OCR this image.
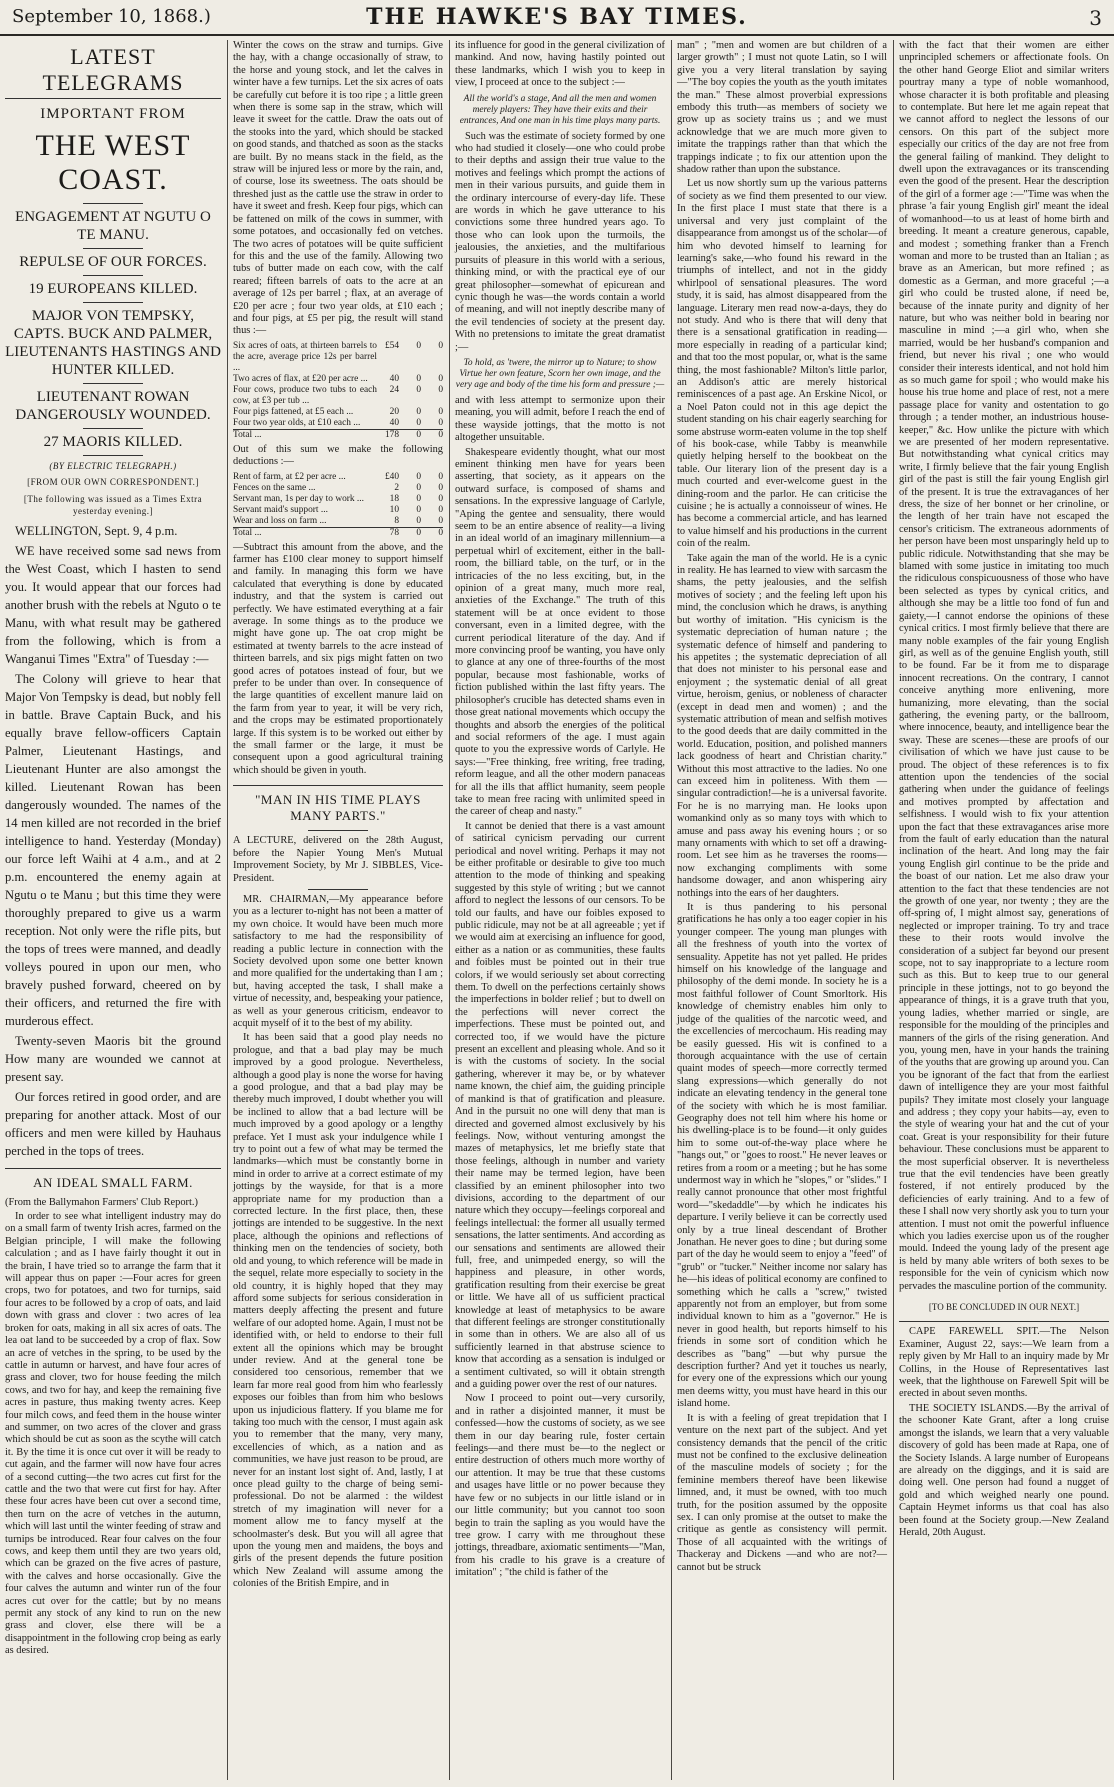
September 10, 1868.)	THE HAWKE'S BAY TIMES.	3
LATEST TELEGRAMS
IMPORTANT FROM
THE WEST COAST.
ENGAGEMENT AT NGUTU O TE MANU.
REPULSE OF OUR FORCES.
19 EUROPEANS KILLED.
MAJOR VON TEMPSKY, CAPTS. BUCK AND PALMER, LIEUTENANTS HASTINGS AND HUNTER KILLED.
LIEUTENANT ROWAN DANGEROUSLY WOUNDED.
27 MAORIS KILLED.
(BY ELECTRIC TELEGRAPH.)
[FROM OUR OWN CORRESPONDENT.]
[The following was issued as a Times Extra yesterday evening.]

WELLINGTON, Sept. 9, 4 p.m.

WE have received some sad news from the West Coast, which I hasten to send you. It would appear that our forces had another brush with the rebels at Nguto o te Manu, with what result may be gathered from the following, which is from a Wanganui Times "Extra" of Tuesday :—

The Colony will grieve to hear that Major Von Tempsky is dead, but nobly fell in battle. Brave Captain Buck, and his equally brave fellow-officers Captain Palmer, Lieutenant Hastings, and Lieutenant Hunter are also amongst the killed. Lieutenant Rowan has been dangerously wounded. The names of the 14 men killed are not recorded in the brief intelligence to hand. Yesterday (Monday) our force left Waihi at 4 a.m., and at 2 p.m. encountered the enemy again at Ngutu o te Manu ; but this time they were thoroughly prepared to give us a warm reception. Not only were the rifle pits, but the tops of trees were manned, and deadly volleys poured in upon our men, who bravely pushed forward, cheered on by their officers, and returned the fire with murderous effect.

Twenty-seven Maoris bit the ground How many are wounded we cannot at present say.

Our forces retired in good order, and are preparing for another attack. Most of our officers and men were killed by Hauhaus perched in the tops of trees.

AN IDEAL SMALL FARM.

(From the Ballymahon Farmers' Club Report.)

In order to see what intelligent industry may do on a small farm of twenty Irish acres, farmed on the Belgian principle, I will make the following calculation ; and as I have fairly thought it out in the brain, I have tried so to arrange the farm that it will appear thus on paper :—Four acres for green crops, two for potatoes, and two for turnips, said four acres to be followed by a crop of oats, and laid down with grass and clover : two acres of lea broken for oats, making in all six acres of oats. The lea oat land to be succeeded by a crop of flax. Sow an acre of vetches in the spring, to be used by the cattle in autumn or harvest, and have four acres of grass and clover, two for house feeding the milch cows, and two for hay, and keep the remaining five acres in pasture, thus making twenty acres. Keep four milch cows, and feed them in the house winter and summer, on two acres of the clover and grass which should be cut as soon as the scythe will catch it. By the time it is once cut over it will be ready to cut again, and the farmer will now have four acres of a second cutting—the two acres cut first for the cattle and the two that were cut first for hay. After these four acres have been cut over a second time, then turn on the acre of vetches in the autumn, which will last until the winter feeding of straw and turnips be introduced. Rear four calves on the four cows, and keep them until they are two years old, which can be grazed on the five acres of pasture, with the calves and horse occasionally. Give the four calves the autumn and winter run of the four acres cut over for the cattle; but by no means permit any stock of any kind to run on the new grass and clover, else there will be a disappointment in the following crop being as early as desired.

Winter the cows on the straw and turnips. Give the hay, with a change occasionally of straw, to the horse and young stock, and let the calves in winter have a few turnips. Let the six acres of oats be carefully cut before it is too ripe ; a little green when there is some sap in the straw, which will leave it sweet for the cattle. Draw the oats out of the stooks into the yard, which should be stacked on good stands, and thatched as soon as the stacks are built. By no means stack in the field, as the straw will be injured less or more by the rain, and, of course, lose its sweetness. The oats should be threshed just as the cattle use the straw in order to have it sweet and fresh. Keep four pigs, which can be fattened on milk of the cows in summer, with some potatoes, and occasionally fed on vetches. The two acres of potatoes will be quite sufficient for this and the use of the family. Allowing two tubs of butter made on each cow, with the calf reared; fifteen barrels of oats to the acre at an average of 12s per barrel ; flax, at an average of £20 per acre ; four two year olds, at £10 each ; and four pigs, at £5 per pig, the result will stand thus :—

Six acres of oats, at thirteen barrels to the acre, average price 12s per barrel ...	£54	0	0
Two acres of flax, at £20 per acre ...	40	0	0
Four cows, produce two tubs to each cow, at £3 per tub ...	24	0	0
Four pigs fattened, at £5 each ...	20	0	0
Four two year olds, at £10 each ...	40	0	0
Total ...	178	0	0

Out of this sum we make the following deductions :—

Rent of farm, at £2 per acre ...	£40	0	0
Fences on the same ...	2	0	0
Servant man, 1s per day to work ...	18	0	0
Servant maid's support ...	10	0	0
Wear and loss on farm ...	8	0	0
Total ...	78	0	0

—Subtract this amount from the above, and the farmer has £100 clear money to support himself and family. In managing this form we have calculated that everything is done by educated industry, and that the system is carried out perfectly. We have estimated everything at a fair average. In some things as to the produce we might have gone up. The oat crop might be estimated at twenty barrels to the acre instead of thirteen barrels, and six pigs might fatten on two good acres of potatoes instead of four, but we prefer to be under than over. In consequence of the large quantities of excellent manure laid on the farm from year to year, it will be very rich, and the crops may be estimated proportionately large. If this system is to be worked out either by the small farmer or the large, it must be consequent upon a good agricultural training which should be given in youth.

"MAN IN HIS TIME PLAYS MANY PARTS."

A LECTURE, delivered on the 28th August, before the Napier Young Men's Mutual Improvement Society, by Mr J. SIBBLES, Vice-President.

MR. CHAIRMAN,—My appearance before you as a lecturer to-night has not been a matter of my own choice. It would have been much more satisfactory to me had the responsibility of reading a public lecture in connection with the Society devolved upon some one better known and more qualified for the undertaking than I am ; but, having accepted the task, I shall make a virtue of necessity, and, bespeaking your patience, as well as your generous criticism, endeavor to acquit myself of it to the best of my ability.

It has been said that a good play needs no prologue, and that a bad play may be much improved by a good prologue. Nevertheless, although a good play is none the worse for having a good prologue, and that a bad play may be thereby much improved, I doubt whether you will be inclined to allow that a bad lecture will be much improved by a good apology or a lengthy preface. Yet I must ask your indulgence while I try to point out a few of what may be termed the landmarks—which must be constantly borne in mind in order to arrive at a correct estimate of my jottings by the wayside, for that is a more appropriate name for my production than a corrected lecture. In the first place, then, these jottings are intended to be suggestive. In the next place, although the opinions and reflections of thinking men on the tendencies of society, both old and young, to which reference will be made in the sequel, relate more especially to society in the old country, it is highly hoped that they may afford some subjects for serious consideration in matters deeply affecting the present and future welfare of our adopted home. Again, I must not be identified with, or held to endorse to their full extent all the opinions which may be brought under review. And at the general tone be considered too censorious, remember that we learn far more real good from him who fearlessly exposes our foibles than from him who beslows upon us injudicious flattery. If you blame me for taking too much with the censor, I must again ask you to remember that the many, very many, excellencies of which, as a nation and as communities, we have just reason to be proud, are never for an instant lost sight of. And, lastly, I at once plead guilty to the charge of being semi-professional. Do not be alarmed : the wildest stretch of my imagination will never for a moment allow me to fancy myself at the schoolmaster's desk. But you will all agree that upon the young men and maidens, the boys and girls of the present depends the future position which New Zealand will assume among the colonies of the British Empire, and in

its influence for good in the general civilization of mankind. And now, having hastily pointed out these landmarks, which I wish you to keep in view, I proceed at once to the subject :—

All the world's a stage, And all the men and women merely players: They have their exits and their entrances, And one man in his time plays many parts.

Such was the estimate of society formed by one who had studied it closely—one who could probe to their depths and assign their true value to the motives and feelings which prompt the actions of men in their various pursuits, and guide them in the ordinary intercourse of every-day life. These are words in which he gave utterance to his convictions some three hundred years ago. To those who can look upon the turmoils, the jealousies, the anxieties, and the multifarious pursuits of pleasure in this world with a serious, thinking mind, or with the practical eye of our great philosopher—somewhat of epicurean and cynic though he was—the words contain a world of meaning, and will not ineptly describe many of the evil tendencies of society at the present day. With no pretensions to imitate the great dramatist ;—

To hold, as 'twere, the mirror up to Nature; to show Virtue her own feature, Scorn her own image, and the very age and body of the time his form and pressure ;—

and with less attempt to sermonize upon their meaning, you will admit, before I reach the end of these wayside jottings, that the motto is not altogether unsuitable.

Shakespeare evidently thought, what our most eminent thinking men have for years been asserting, that society, as it appears on the outward surface, is composed of shams and sensations. In the expressive language of Carlyle, "Aping the gentee and sensuality, there would seem to be an entire absence of reality—a living in an ideal world of an imaginary millennium—a perpetual whirl of excitement, either in the ball-room, the billiard table, on the turf, or in the intricacies of the no less exciting, but, in the opinion of a great many, much more real, anxieties of the Exchange." The truth of this statement will be at once evident to those conversant, even in a limited degree, with the current periodical literature of the day. And if more convincing proof be wanting, you have only to glance at any one of three-fourths of the most popular, because most fashionable, works of fiction published within the last fifty years. The philosopher's crucible has detected shams even in those great national movements which occupy the thoughts and absorb the energies of the political and social reformers of the age. I must again quote to you the expressive words of Carlyle. He says:—"Free thinking, free writing, free trading, reform league, and all the other modern panaceas for all the ills that afflict humanity, seem people take to mean free racing with unlimited speed in the career of cheap and nasty."

It cannot be denied that there is a vast amount of satirical cynicism pervading our current periodical and novel writing. Perhaps it may not be either profitable or desirable to give too much attention to the mode of thinking and speaking suggested by this style of writing ; but we cannot afford to neglect the lessons of our censors. To be told our faults, and have our foibles exposed to public ridicule, may not be at all agreeable ; yet if we would aim at exercising an influence for good, either as a nation or as communities, these faults and foibles must be pointed out in their true colors, if we would seriously set about correcting them. To dwell on the perfections certainly shows the imperfections in bolder relief ; but to dwell on the perfections will never correct the imperfections. These must be pointed out, and corrected too, if we would have the picture present an excellent and pleasing whole. And so it is with the customs of society. In the social gathering, wherever it may be, or by whatever name known, the chief aim, the guiding principle of mankind is that of gratification and pleasure. And in the pursuit no one will deny that man is directed and governed almost exclusively by his feelings. Now, without venturing amongst the mazes of metaphysics, let me briefly state that those feelings, although in number and variety their name may be termed legion, have been classified by an eminent philosopher into two divisions, according to the department of our nature which they occupy—feelings corporeal and feelings intellectual: the former all usually termed sensations, the latter sentiments. And according as our sensations and sentiments are allowed their full, free, and unimpeded energy, so will the happiness and pleasure, in other words, gratification resulting from their exercise be great or little. We have all of us sufficient practical knowledge at least of metaphysics to be aware that different feelings are stronger constitutionally in some than in others. We are also all of us sufficiently learned in that abstruse science to know that according as a sensation is indulged or a sentiment cultivated, so will it obtain strength and a guiding power over the rest of our natures.

Now I proceed to point out—very cursorily, and in rather a disjointed manner, it must be confessed—how the customs of society, as we see them in our day bearing rule, foster certain feelings—and there must be—to the neglect or entire destruction of others much more worthy of our attention. It may be true that these customs and usages have little or no power because they have few or no subjects in our little island or in our little community; but you cannot too soon begin to train the sapling as you would have the tree grow. I carry with me throughout these jottings, threadbare, axiomatic sentiments—"Man, from his cradle to his grave is a creature of imitation" ; "the child is father of the

man" ; "men and women are but children of a larger growth" ; I must not quote Latin, so I will give you a very literal translation by saying—"The boy copies the youth as the youth imitates the man." These almost proverbial expressions embody this truth—as members of society we grow up as society trains us ; and we must acknowledge that we are much more given to imitate the trappings rather than that which the trappings indicate ; to fix our attention upon the shadow rather than upon the substance.

Let us now shortly sum up the various patterns of society as we find them presented to our view. In the first place I must state that there is a universal and very just complaint of the disappearance from amongst us of the scholar—of him who devoted himself to learning for learning's sake,—who found his reward in the triumphs of intellect, and not in the giddy whirlpool of sensational pleasures. The word study, it is said, has almost disappeared from the language. Literary men read now-a-days, they do not study. And who is there that will deny that there is a sensational gratification in reading—more especially in reading of a particular kind; and that too the most popular, or, what is the same thing, the most fashionable? Milton's little parlor, an Addison's attic are merely historical reminiscences of a past age. An Erskine Nicol, or a Noel Paton could not in this age depict the student standing on his chair eagerly searching for some abstruse worm-eaten volume in the top shelf of his book-case, while Tabby is meanwhile quietly helping herself to the bookbeat on the table. Our literary lion of the present day is a much courted and ever-welcome guest in the dining-room and the parlor. He can criticise the cuisine ; he is actually a connoisseur of wines. He has become a commercial article, and has learned to value himself and his productions in the current coin of the realm.

Take again the man of the world. He is a cynic in reality. He has learned to view with sarcasm the shams, the petty jealousies, and the selfish motives of society ; and the feeling left upon his mind, the conclusion which he draws, is anything but worthy of imitation. "His cynicism is the systematic depreciation of human nature ; the systematic defence of himself and pandering to his appetites ; the systematic depreciation of all that does not minister to his personal ease and enjoyment ; the systematic denial of all great virtue, heroism, genius, or nobleness of character (except in dead men and women) ; and the systematic attribution of mean and selfish motives to the good deeds that are daily committed in the world. Education, position, and polished manners lack goodness of heart and Christian charity." Without this most attractive to the ladies. No one can exceed him in politeness. With them —singular contradiction!—he is a universal favorite. For he is no marrying man. He looks upon womankind only as so many toys with which to amuse and pass away his evening hours ; or so many ornaments with which to set off a drawing-room. Let see him as he traverses the rooms—now exchanging compliments with some handsome dowager, and anon whispering airy nothings into the ears of her daughters.

It is thus pandering to his personal gratifications he has only a too eager copier in his younger compeer. The young man plunges with all the freshness of youth into the vortex of sensuality. Appetite has not yet palled. He prides himself on his knowledge of the language and philosophy of the demi monde. In society he is a most faithful follower of Count Smorltork. His knowledge of chemistry enables him only to judge of the qualities of the narcotic weed, and the excellencies of mercochaum. His reading may be easily guessed. His wit is confined to a thorough acquaintance with the use of certain quaint modes of speech—more correctly termed slang expressions—which generally do not indicate an elevating tendency in the general tone of the society with which he is most familiar. Geography does not tell him where his home or his dwelling-place is to be found—it only guides him to some out-of-the-way place where he "hangs out," or "goes to roost." He never leaves or retires from a room or a meeting ; but he has some undermost way in which he "slopes," or "slides." I really cannot pronounce that other most frightful word—"skedaddle"—by which he indicates his departure. I verily believe it can be correctly used only by a true lineal descendant of Brother Jonathan. He never goes to dine ; but during some part of the day he would seem to enjoy a "feed" of "grub" or "tucker." Neither income nor salary has he—his ideas of political economy are confined to something which he calls a "screw," twisted apparently not from an employer, but from some individual known to him as a "governor." He is never in good health, but reports himself to his friends in some sort of condition which he describes as "bang" —but why pursue the description further? And yet it touches us nearly, for every one of the expressions which our young men deems witty, you must have heard in this our island home.

It is with a feeling of great trepidation that I venture on the next part of the subject. And yet consistency demands that the pencil of the critic must not be confined to the exclusive delineation of the masculine models of society ; for the feminine members thereof have been likewise limned, and, it must be owned, with too much truth, for the position assumed by the opposite sex. I can only promise at the outset to make the critique as gentle as consistency will permit. Those of all acquainted with the writings of Thackeray and Dickens —and who are not?—cannot but be struck

with the fact that their women are either unprincipled schemers or affectionate fools. On the other hand George Eliot and similar writers pourtray many a type of noble womanhood, whose character it is both profitable and pleasing to contemplate. But here let me again repeat that we cannot afford to neglect the lessons of our censors. On this part of the subject more especially our critics of the day are not free from the general failing of mankind. They delight to dwell upon the extravagances or its transcending even the good of the present. Hear the description of the girl of a former age :—"Time was when the phrase 'a fair young English girl' meant the ideal of womanhood—to us at least of home birth and breeding. It meant a creature generous, capable, and modest ; something franker than a French woman and more to be trusted than an Italian ; as brave as an American, but more refined ; as domestic as a German, and more graceful ;—a girl who could be trusted alone, if need be, because of the innate purity and dignity of her nature, but who was neither bold in bearing nor masculine in mind ;—a girl who, when she married, would be her husband's companion and friend, but never his rival ; one who would consider their interests identical, and not hold him as so much game for spoil ; who would make his house his true home and place of rest, not a mere passage place for vanity and ostentation to go through ; a tender mother, an industrious house-keeper," &c. How unlike the picture with which we are presented of her modern representative. But notwithstanding what cynical critics may write, I firmly believe that the fair young English girl of the past is still the fair young English girl of the present. It is true the extravagances of her dress, the size of her bonnet or her crinoline, or the length of her train have not escaped the censor's criticism. The extraneous adornments of her person have been most unsparingly held up to public ridicule. Notwithstanding that she may be blamed with some justice in imitating too much the ridiculous conspicuousness of those who have been selected as types by cynical critics, and although she may be a little too fond of fun and gaiety,—I cannot endorse the opinions of these cynical critics. I most firmly believe that there are many noble examples of the fair young English girl, as well as of the genuine English youth, still to be found. Far be it from me to disparage innocent recreations. On the contrary, I cannot conceive anything more enlivening, more humanizing, more elevating, than the social gathering, the evening party, or the ballroom, where innocence, beauty, and intelligence bear the sway. These are scenes—these are proofs of our civilisation of which we have just cause to be proud. The object of these references is to fix attention upon the tendencies of the social gathering when under the guidance of feelings and motives prompted by affectation and selfishness. I would wish to fix your attention upon the fact that these extravagances arise more from the fault of early education than the natural inclination of the heart. And long may the fair young English girl continue to be the pride and the boast of our nation. Let me also draw your attention to the fact that these tendencies are not the growth of one year, nor twenty ; they are the off-spring of, I might almost say, generations of neglected or improper training. To try and trace these to their roots would involve the consideration of a subject far beyond our present scope, not to say inappropriate to a lecture room such as this. But to keep true to our general principle in these jottings, not to go beyond the appearance of things, it is a grave truth that you, young ladies, whether married or single, are responsible for the moulding of the principles and manners of the girls of the rising generation. And you, young men, have in your hands the training of the youths that are growing up around you. Can you be ignorant of the fact that from the earliest dawn of intelligence they are your most faithful pupils? They imitate most closely your language and address ; they copy your habits—ay, even to the style of wearing your hat and the cut of your coat. Great is your responsibility for their future behaviour. These conclusions must be apparent to the most superficial observer. It is nevertheless true that the evil tendencies have been greatly fostered, if not entirely produced by the deficiencies of early training. And to a few of these I shall now very shortly ask you to turn your attention. I must not omit the powerful influence which you ladies exercise upon us of the rougher mould. Indeed the young lady of the present age is held by many able writers of both sexes to be responsible for the vein of cynicism which now pervades the masculine portion of the community.

[TO BE CONCLUDED IN OUR NEXT.]

CAPE FAREWELL SPIT.—The Nelson Examiner, August 22, says:—We learn from a reply given by Mr Hall to an inquiry made by Mr Collins, in the House of Representatives last week, that the lighthouse on Farewell Spit will be erected in about seven months.

THE SOCIETY ISLANDS.—By the arrival of the schooner Kate Grant, after a long cruise amongst the islands, we learn that a very valuable discovery of gold has been made at Rapa, one of the Society Islands. A large number of Europeans are already on the diggings, and it is said are doing well. One person had found a nugget of gold and which weighed nearly one pound. Captain Heymet informs us that coal has also been found at the Society group.—New Zealand Herald, 20th August.
